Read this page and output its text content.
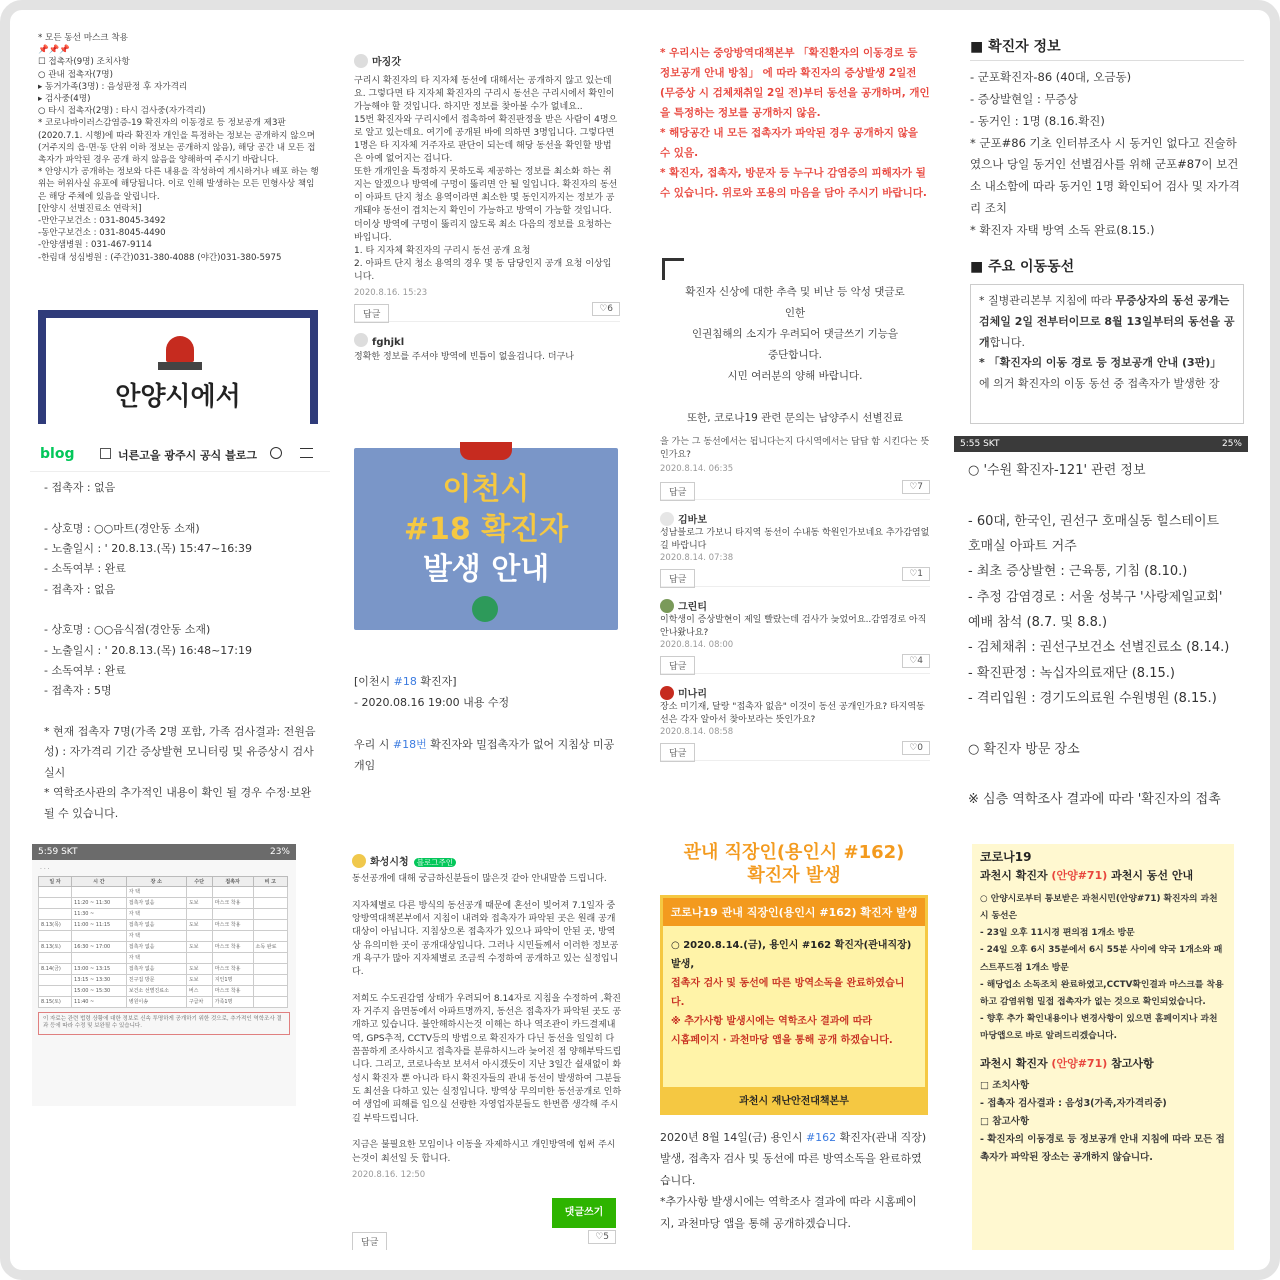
* 모든 동선 마스크 착용
📌📌📌
☐ 접촉자(9명) 조치사항
○ 관내 접촉자(7명)
▸ 동거가족(3명) : 음성판정 후 자가격리
▸ 검사중(4명)
○ 타시 접촉자(2명) : 타시 검사중(자가격리)
* 코로나바이러스감염증-19 확진자의 이동경로 등 정보공개 제3판 (2020.7.1. 시행)에 따라 확진자 개인을 특정하는 정보는 공개하지 않으며(거주지의 읍·면·동 단위 이하 정보는 공개하지 않음), 해당 공간 내 모든 접촉자가 파악된 경우 공개 하지 않음을 양해하여 주시기 바랍니다.
* 안양시가 공개하는 정보와 다른 내용을 작성하여 게시하거나 배포 하는 행위는 허위사실 유포에 해당됩니다. 이로 인해 발생하는 모든 민형사상 책임은 해당 주체에 있음을 알립니다.
[안양시 선별진료소 연락처]
-만안구보건소 : 031-8045-3492
-동안구보건소 : 031-8045-4490
-안양샘병원 : 031-467-9114
-한림대 성심병원 : (주간)031-380-4088 (야간)031-380-5975
안양시에서
마징갓
구리시 확진자의 타 지자체 동선에 대해서는 공개하지 않고 있는데요. 그렇다면 타 지자체 확진자의 구리시 동선은 구리시에서 확인이 가능해야 할 것입니다. 하지만 정보를 찾아볼 수가 없네요..
15번 확진자와 구리시에서 접촉하여 확진판정을 받은 사람이 4명으로 알고 있는데요. 여기에 공개된 바에 의하면 3명입니다. 그렇다면 1명은 타 지자체 거주자로 판단이 되는데 해당 동선을 확인할 방법은 아예 없어지는 겁니다.
또한 개개인을 특정하지 못하도록 제공하는 정보를 최소화 하는 취지는 알겠으나 방역에 구멍이 뚫리면 안 될 일입니다. 확진자의 동선이 아파트 단지 청소 용역이라면 최소한 몇 동인지까지는 정보가 공개돼야 동선이 겹치는지 확인이 가능하고 방역이 가능할 것입니다.
더이상 방역에 구멍이 뚫리지 않도록 최소 다음의 정보를 요청하는 바입니다.
1. 타 지자체 확진자의 구리시 동선 공개 요청
2. 아파트 단지 청소 용역의 경우 몇 동 담당인지 공개 요청 이상입니다.
2020.8.16. 15:23
답글
♡6
fghjkl
정확한 정보를 주셔야 방역에 빈틈이 없을겁니다. 더구나
* 우리시는 중앙방역대책본부 「확진환자의 이동경로 등 정보공개 안내 방침」 에 따라 확진자의 증상발생 2일전 (무증상 시 검체채취일 2일 전)부터 동선을 공개하며, 개인을 특정하는 정보를 공개하지 않음.
* 해당공간 내 모든 접촉자가 파악된 경우 공개하지 않을 수 있음.
* 확진자, 접촉자, 방문자 등 누구나 감염증의 피해자가 될 수 있습니다. 위로와 포용의 마음을 담아 주시기 바랍니다.
확진자 신상에 대한 추측 및 비난 등 악성 댓글로
인한
인권침해의 소지가 우려되어 댓글쓰기 기능을
중단합니다.
시민 여러분의 양해 바랍니다.

또한, 코로나19 관련 문의는 남양주시 선별진료
■ 확진자 정보
- 군포확진자-86 (40대, 오금동)
- 증상발현일 : 무증상
- 동거인 : 1명 (8.16.확진)
* 군포#86 기초 인터뷰조사 시 동거인 없다고 진술하였으나 당일 동거인 선별검사를 위해 군포#87이 보건소 내소함에 따라 동거인 1명 확인되어 검사 및 자가격리 조치
* 확진자 자택 방역 소독 완료(8.15.)
■ 주요 이동동선
* 질병관리본부 지침에 따라 무증상자의 동선 공개는 검체일 2일 전부터이므로 8월 13일부터의 동선을 공개합니다.
* 「확진자의 이동 경로 등 정보공개 안내 (3판)」
에 의거 확진자의 이동 동선 중 접촉자가 발생한 장
blog	너른고을 광주시 공식 블로그
- 접촉자 : 없음

- 상호명 : ○○마트(경안동 소재)
- 노출일시 : ' 20.8.13.(목) 15:47~16:39
- 소독여부 : 완료
- 접촉자 : 없음

- 상호명 : ○○음식점(경안동 소재)
- 노출일시 : ' 20.8.13.(목) 16:48~17:19
- 소독여부 : 완료
- 접촉자 : 5명

* 현재 접촉자 7명(가족 2명 포함, 가족 검사결과: 전원음성) : 자가격리 기간 증상발현 모니터링 및 유증상시 검사 실시
* 역학조사관의 추가적인 내용이 확인 될 경우 수정·보완 될 수 있습니다.
이천시
#18 확진자
발생 안내
[이천시 #18 확진자]
- 2020.08.16 19:00 내용 수정

우리 시 #18번 확진자와 밀접촉자가 없어 지침상 미공개임
을 가는 그 동선에서는 됩니다는지 다시역에서는 답답 함 시킨다는 뜻인가요?
2020.8.14. 06:35
답글
♡7
김바보
성남블로그 가보니 타지역 동선이 수내동 학원인가보네요 추가감염없길 바랍니다
2020.8.14. 07:38
답글
♡1
그린티
이학생이 증상발현이 제일 빨랐는데 검사가 늦었어요..감염경로 아직 안나왔나요?
2020.8.14. 08:00
답글
♡4
미나리
장소 미기재, 달랑 "접촉자 없음" 이것이 동선 공개인가요? 타지역동선은 각자 알아서 찾아보라는 뜻인가요?
2020.8.14. 08:58
답글
♡0
5:55 SKT	25%
○ '수원 확진자-121' 관련 정보

- 60대, 한국인, 권선구 호매실동 힐스테이트 호매실 아파트 거주
- 최초 증상발현 : 근육통, 기침 (8.10.)
- 추정 감염경로 : 서울 성북구 '사랑제일교회' 예배 참석 (8.7. 및 8.8.)
- 검체채취 : 권선구보건소 선별진료소 (8.14.)
- 확진판정 : 녹십자의료재단 (8.15.)
- 격리입원 : 경기도의료원 수원병원 (8.15.)

○ 확진자 방문 장소

※ 심층 역학조사 결과에 따라 '확진자의 접촉
5:59 SKT	23%
· · ·
일 자	시 간	장 소	수단	접촉자	비 고
		자 택			
	11:20 ~ 11:30	접촉자 없음	도보	마스크 착용	
	11:30 ~	자 택			
8.13(목)	11:00 ~ 11:15	접촉자 없음	도보	마스크 착용	
		자 택			
8.13(토)	16:30 ~ 17:00	접촉자 없음	도보	마스크 착용	소독 완료
		자 택			
8.14(금)	13:00 ~ 13:15	접촉자 없음	도보	마스크 착용	
	13:15 ~ 13:30	친구집 방문	도보	지인1명	
	15:00 ~ 15:30	보건소 선별진료소	버스	마스크 착용	
8.15(토)	11:40 ~	병원이송	구급차	가족1명	
이 자료는 관련 법령 상황에 대한 정보로 신속 투명하게 공개하기 위한 것으로, 추가적인 역학조사 결과 등에 따라 수정 및 보완될 수 있습니다.
화성시청 블로그주인
동선공개에 대해 궁금하신분들이 많은것 같아 안내말씀 드립니다.

지자체별로 다른 방식의 동선공개 때문에 혼선이 빚어져 7.1일자 중앙방역대책본부에서 지침이 내려와 접촉자가 파악된 곳은 원래 공개대상이 아닙니다. 지침상으론 접촉자가 있으나 파악이 안된 곳, 방역상 유의미한 곳이 공개대상입니다. 그러나 시민들께서 이러한 정보공개 욕구가 많아 지자체별로 조금씩 수정하여 공개하고 있는 실정입니다.

저희도 수도권감염 상태가 우려되어 8.14자로 지침을 수정하여 ,확진자 거주지 읍면동에서 아파트명까지, 동선은 접촉자가 파악된 곳도 공개하고 있습니다. 불안해하시는것 이해는 하나 역조관이 카드결제내역, GPS추적, CCTV등의 방법으로 확진자가 다닌 동선을 일일히 다 꼼꼼하게 조사하시고 접촉자를 분류하시느라 늦어진 점 양해부탁드립니다. 그리고, 코로나속보 보셔서 아시겠듯이 지난 3일간 쉴새없이 화성시 확진자 뿐 아니라 타시 확진자들의 관내 동선이 발생하여 그분들도 최선을 다하고 있는 실정입니다. 방역상 무의미한 동선공개로 인하여 생업에 피해를 입으실 선량한 자영업자분들도 한번쯤 생각해 주시길 부탁드립니다.

지금은 불필요한 모임이나 이동을 자제하시고 개인방역에 힘써 주시는것이 최선일 듯 합니다.
2020.8.16. 12:50
댓글쓰기
답글
♡5
관내 직장인(용인시 #162)
확진자 발생
코로나19 관내 직장인(용인시 #162) 확진자 발생
○ 2020.8.14.(금), 용인시 #162 확진자(관내직장) 발생,
접촉자 검사 및 동선에 따른 방역소독을 완료하였습니다.
※ 추가사항 발생시에는 역학조사 결과에 따라
시홈페이지 · 과천마당 앱을 통해 공개 하겠습니다.
과천시 재난안전대책본부
2020년 8월 14일(금) 용인시 #162 확진자(관내 직장) 발생, 접촉자 검사 및 동선에 따른 방역소독을 완료하였습니다.
*추가사항 발생시에는 역학조사 결과에 따라 시홈페이지, 과천마당 앱을 통해 공개하겠습니다.
코로나19
과천시 확진자 (안양#71) 과천시 동선 안내
○ 안양시로부터 통보받은 과천시민(안양#71) 확진자의 과천시 동선은
- 23일 오후 11시경 편의점 1개소 방문
- 24일 오후 6시 35분에서 6시 55분 사이에 약국 1개소와 패스트푸드점 1개소 방문
- 해당업소 소독조치 완료하였고,CCTV확인결과 마스크를 착용하고 감염위험 밀접 접촉자가 없는 것으로 확인되었습니다.
- 향후 추가 확인내용이나 변경사항이 있으면 홈페이지나 과천마당앱으로 바로 알려드리겠습니다.
과천시 확진자 (안양#71) 참고사항
□ 조치사항
- 접촉자 검사결과 : 음성3(가족,자가격리중)
□ 참고사항
- 확진자의 이동경로 등 정보공개 안내 지침에 따라 모든 접촉자가 파악된 장소는 공개하지 않습니다.
